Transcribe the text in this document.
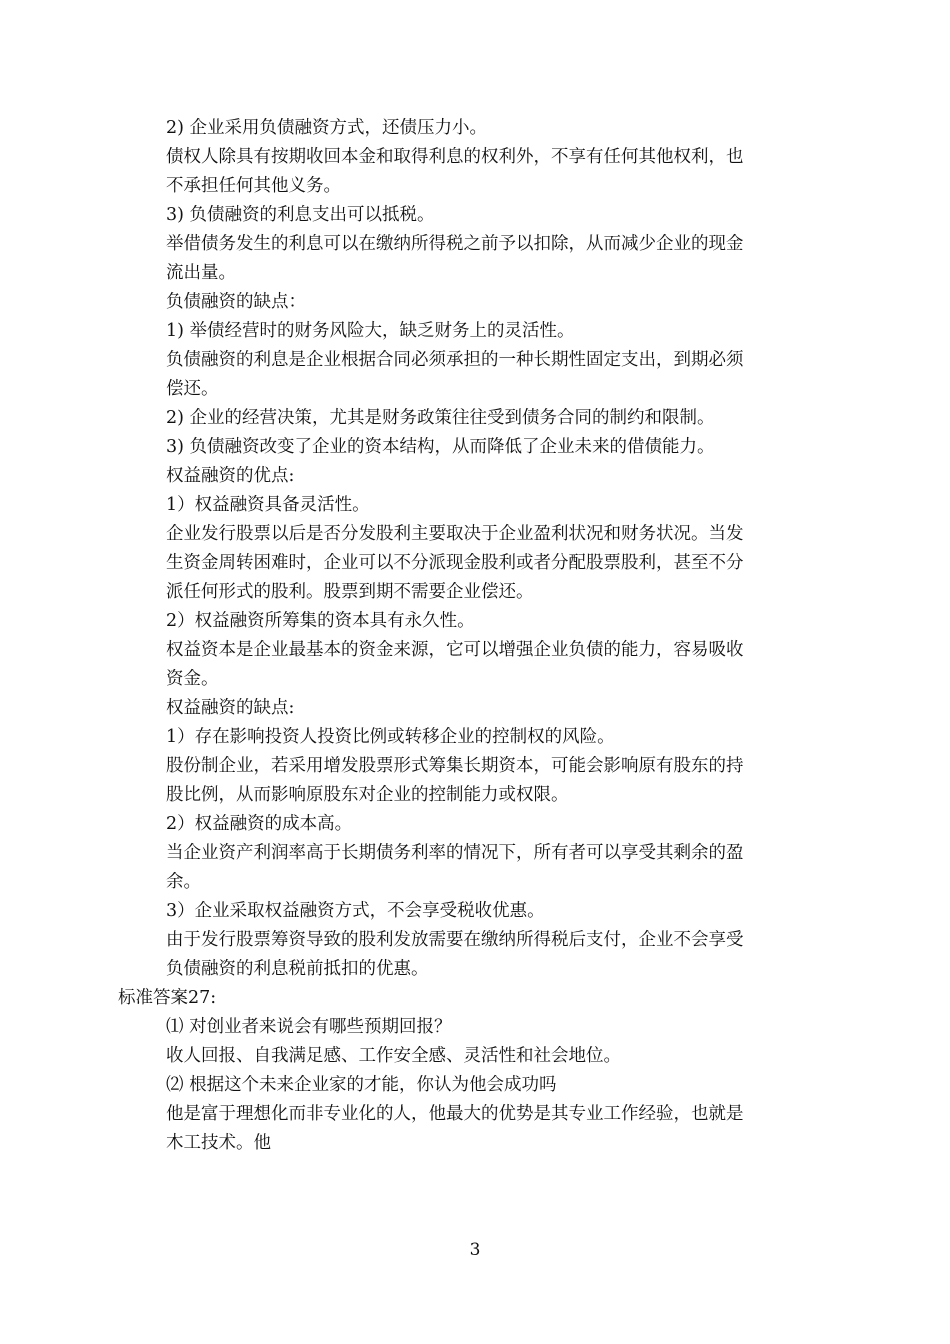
2) 企业采用负债融资方式，还债压力小。
债权人除具有按期收回本金和取得利息的权利外，不享有任何其他权利，也
不承担任何其他义务。
3) 负债融资的利息支出可以抵税。
举借债务发生的利息可以在缴纳所得税之前予以扣除，从而减少企业的现金
流出量。
负债融资的缺点：
1) 举债经营时的财务风险大，缺乏财务上的灵活性。
负债融资的利息是企业根据合同必须承担的一种长期性固定支出，到期必须
偿还。
2) 企业的经营决策，尤其是财务政策往往受到债务合同的制约和限制。
3) 负债融资改变了企业的资本结构，从而降低了企业未来的借债能力。
权益融资的优点:
1）权益融资具备灵活性。
企业发行股票以后是否分发股利主要取决于企业盈利状况和财务状况。当发
生资金周转困难时，企业可以不分派现金股利或者分配股票股利，甚至不分
派任何形式的股利。股票到期不需要企业偿还。
2）权益融资所筹集的资本具有永久性。
权益资本是企业最基本的资金来源，它可以增强企业负债的能力，容易吸收
资金。
权益融资的缺点:
1）存在影响投资人投资比例或转移企业的控制权的风险。
股份制企业，若采用增发股票形式筹集长期资本，可能会影响原有股东的持
股比例，从而影响原股东对企业的控制能力或权限。
2）权益融资的成本高。
当企业资产利润率高于长期债务利率的情况下，所有者可以享受其剩余的盈
余。
3）企业采取权益融资方式，不会享受税收优惠。
由于发行股票筹资导致的股利发放需要在缴纳所得税后支付，企业不会享受
负债融资的利息税前抵扣的优惠。
标准答案27:
⑴ 对创业者来说会有哪些预期回报？
收人回报、自我满足感、工作安全感、灵活性和社会地位。
⑵ 根据这个未来企业家的才能，你认为他会成功吗
他是富于理想化而非专业化的人，他最大的优势是其专业工作经验，也就是
木工技术。他
3
